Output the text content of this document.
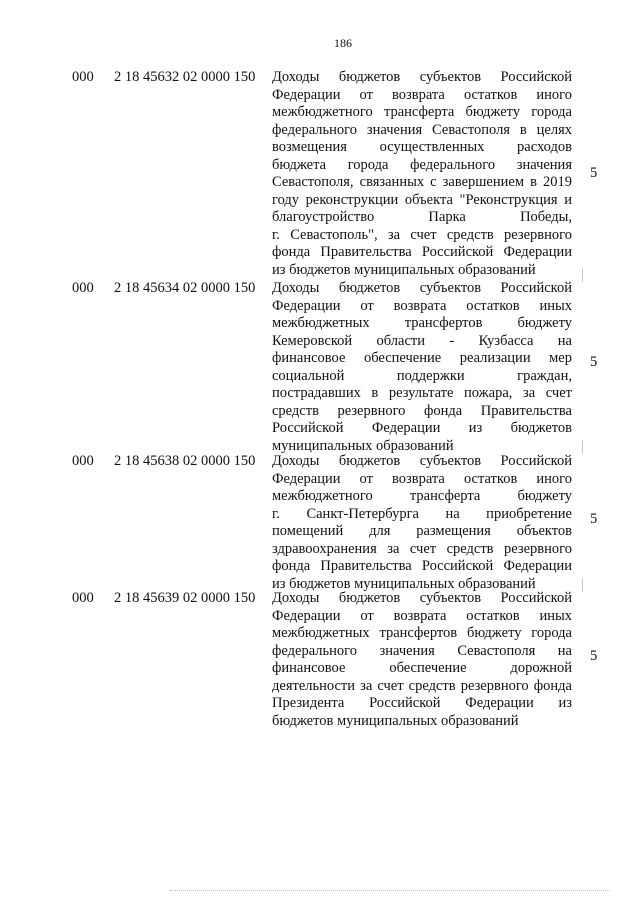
186
000 2 18 45632 02 0000 150 Доходы бюджетов субъектов Российской
Федерации от возврата остатков иного
межбюджетного трансферта бюджету города
федерального значения Севастополя в целях
возмещения осуществленных расходов
бюджета города федерального значения
Севастополя, связанных с завершением в 2019
году реконструкции объекта "Реконструкция и
благоустройство Парка Победы,
г. Севастополь", за счет средств резервного
фонда Правительства Российской Федерации
из бюджетов муниципальных образований
5
000 2 18 45634 02 0000 150 Доходы бюджетов субъектов Российской
Федерации от возврата остатков иных
межбюджетных трансфертов бюджету
Кемеровской области - Кузбасса на
финансовое обеспечение реализации мер
социальной поддержки граждан,
пострадавших в результате пожара, за счет
средств резервного фонда Правительства
Российской Федерации из бюджетов
муниципальных образований
5
000 2 18 45638 02 0000 150 Доходы бюджетов субъектов Российской
Федерации от возврата остатков иного
межбюджетного трансферта бюджету
г. Санкт-Петербурга на приобретение
помещений для размещения объектов
здравоохранения за счет средств резервного
фонда Правительства Российской Федерации
из бюджетов муниципальных образований
5
000 2 18 45639 02 0000 150 Доходы бюджетов субъектов Российской
Федерации от возврата остатков иных
межбюджетных трансфертов бюджету города
федерального значения Севастополя на
финансовое обеспечение дорожной
деятельности за счет средств резервного фонда
Президента Российской Федерации из
бюджетов муниципальных образований
5
